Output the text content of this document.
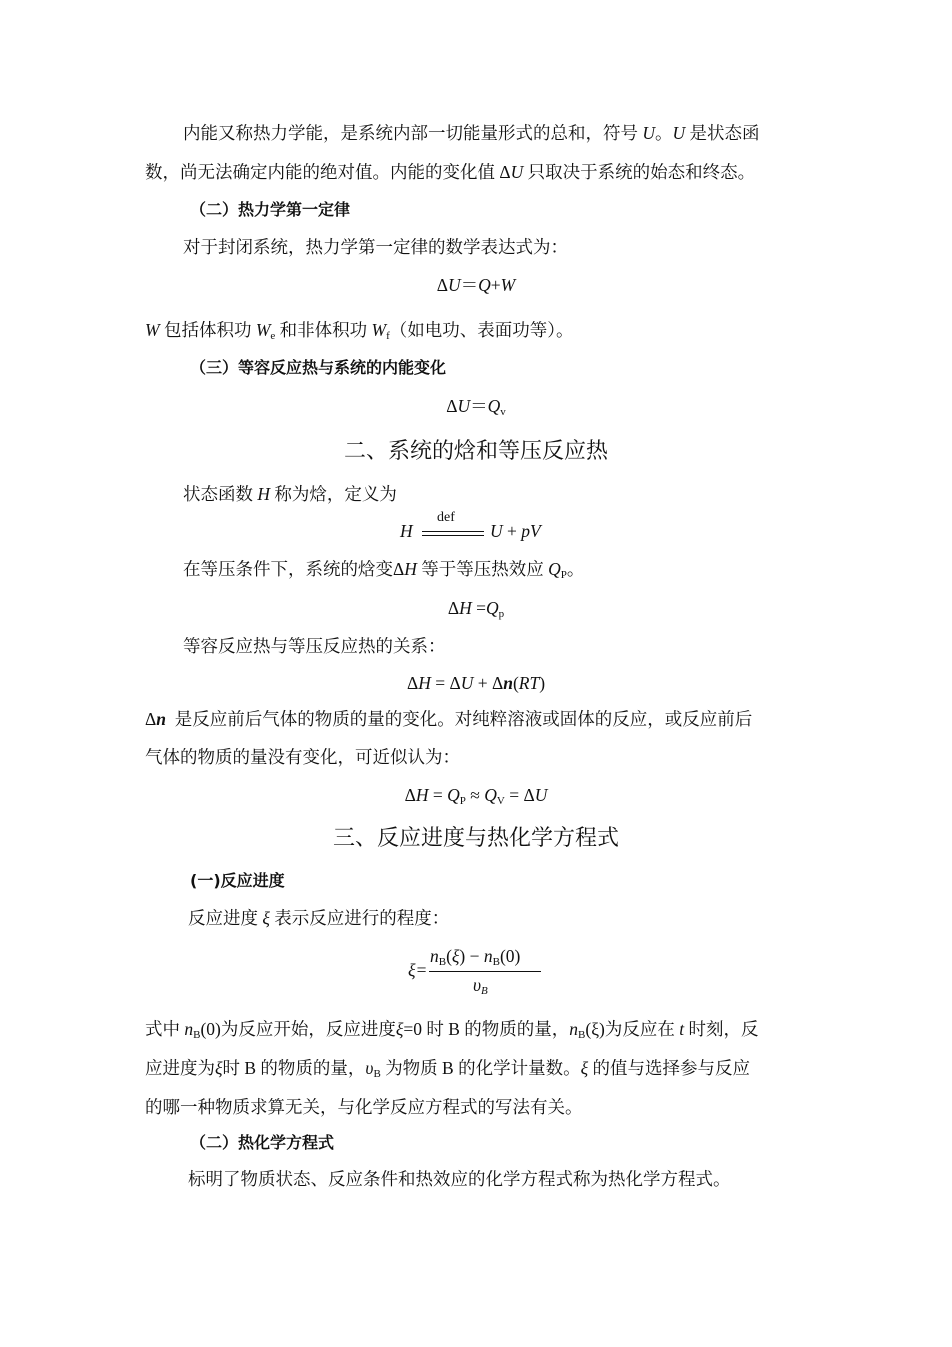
内能又称热力学能，是系统内部一切能量形式的总和，符号 U。U 是状态函
数，尚无法确定内能的绝对值。内能的变化值 ΔU 只取决于系统的始态和终态。
（二）热力学第一定律
对于封闭系统，热力学第一定律的数学表达式为：
ΔU＝Q+W
W 包括体积功 $W_e$ 和非体积功 $W_f$（如电功、表面功等）。
（三）等容反应热与系统的内能变化
$\Delta U=Q_v$
二、系统的焓和等压反应热
状态函数 H 称为焓，定义为
H
def
U + pV
在等压条件下，系统的焓变ΔH 等于等压热效应 $Q_P$。
$\Delta H =Q_p$
等容反应热与等压反应热的关系：
ΔH = ΔU + Δn(RT)
Δn  是反应前后气体的物质的量的变化。对纯粹溶液或固体的反应，或反应前后
气体的物质的量没有变化，可近似认为：
$\Delta H = Q_P \approx Q_V = \Delta U$
三、反应进度与热化学方程式
(一)反应进度
反应进度 ξ 表示反应进行的程度：
ξ=
$n_B(\xi) - n_B(0)$
$\upsilon_B$
式中 $n_B(0)$为反应开始，反应进度ξ=0 时 B 的物质的量，$n_B(\xi)$为反应在 t 时刻，反
应进度为ξ时 B 的物质的量，$\upsilon_B$ 为物质 B 的化学计量数。ξ 的值与选择参与反应
的哪一种物质求算无关，与化学反应方程式的写法有关。
（二）热化学方程式
标明了物质状态、反应条件和热效应的化学方程式称为热化学方程式。
